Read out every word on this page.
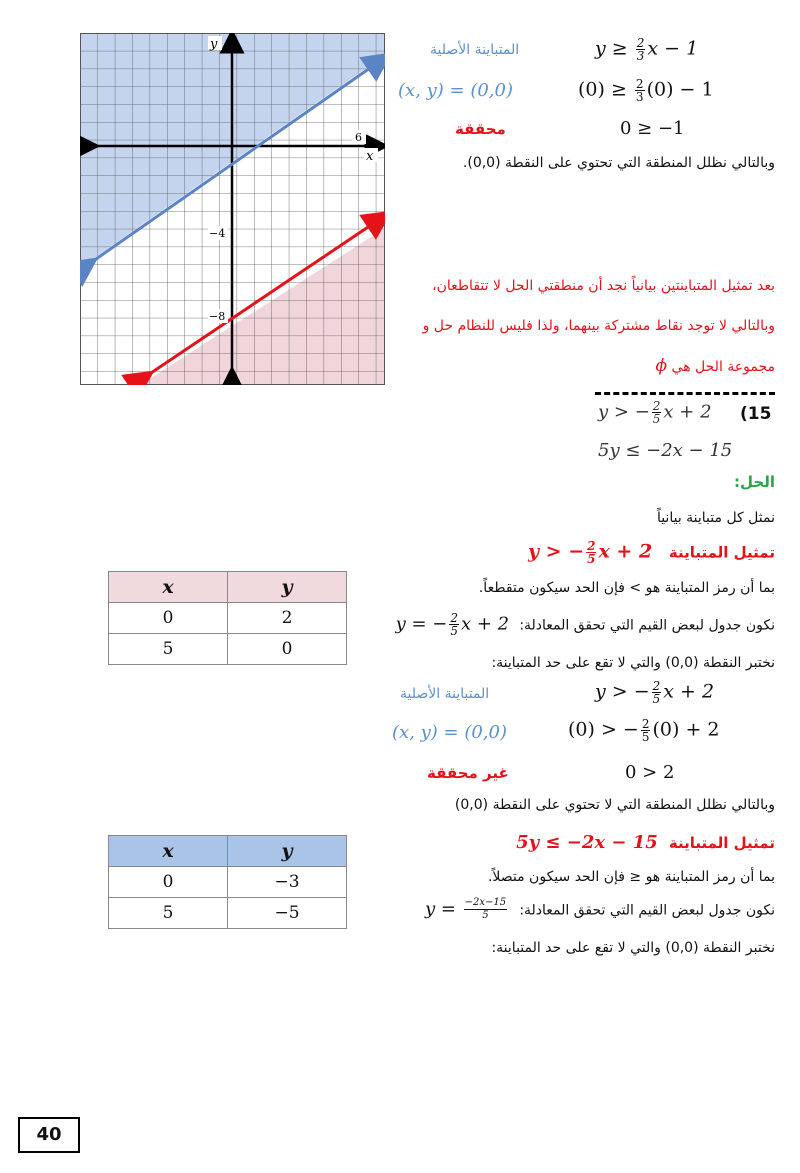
y
x
6
−4
−8
$y \ge \frac{2}{3}$ x − 1
المتباينة الأصلية
$(0) \ge \frac{2}{3} (0) - 1$
(x, y) = (0,0)
0 ≥ −1
محققة
وبالتالي نظلل المنطقة التي تحتوي على النقطة (0,0).
بعد تمثيل المتباينتين بيانياً نجد أن منطقتي الحل لا تتقاطعان،
وبالتالي لا توجد نقاط مشتركة بينهما، ولذا فليس للنظام حل و
مجموعة الحل هي ϕ
y > − $\frac{2}{5}$ x + 2 (15
5y ≤ −2x − 15
الحل:
نمثل كل متباينة بيانياً
تمثيل المتباينة   y > − $\frac{2}{5}$ x + 2
x	y
0	2
5	0
بما أن رمز المتباينة هو > فإن الحد سيكون متقطعاً.
نكون جدول لبعض القيم التي تحقق المعادلة:  y = − $\frac{2}{5}$ x + 2
نختبر النقطة (0,0) والتي لا تقع على حد المتباينة:
y > − $\frac{2}{5}$ x + 2
المتباينة الأصلية
(0) > − $\frac{2}{5} (0) + 2$
(x, y) = (0,0)
0 > 2
غير محققة
وبالتالي نظلل المنطقة التي لا تحتوي على النقطة (0,0)
تمثيل المتباينة  5y ≤ −2x − 15
x	y
0	−3
5	−5
بما أن رمز المتباينة هو ≤ فإن الحد سيكون متصلاً.
نكون جدول لبعض القيم التي تحقق المعادلة:  $y = \frac{-2x-15}{5}$
نختبر النقطة (0,0) والتي لا تقع على حد المتباينة:
40
